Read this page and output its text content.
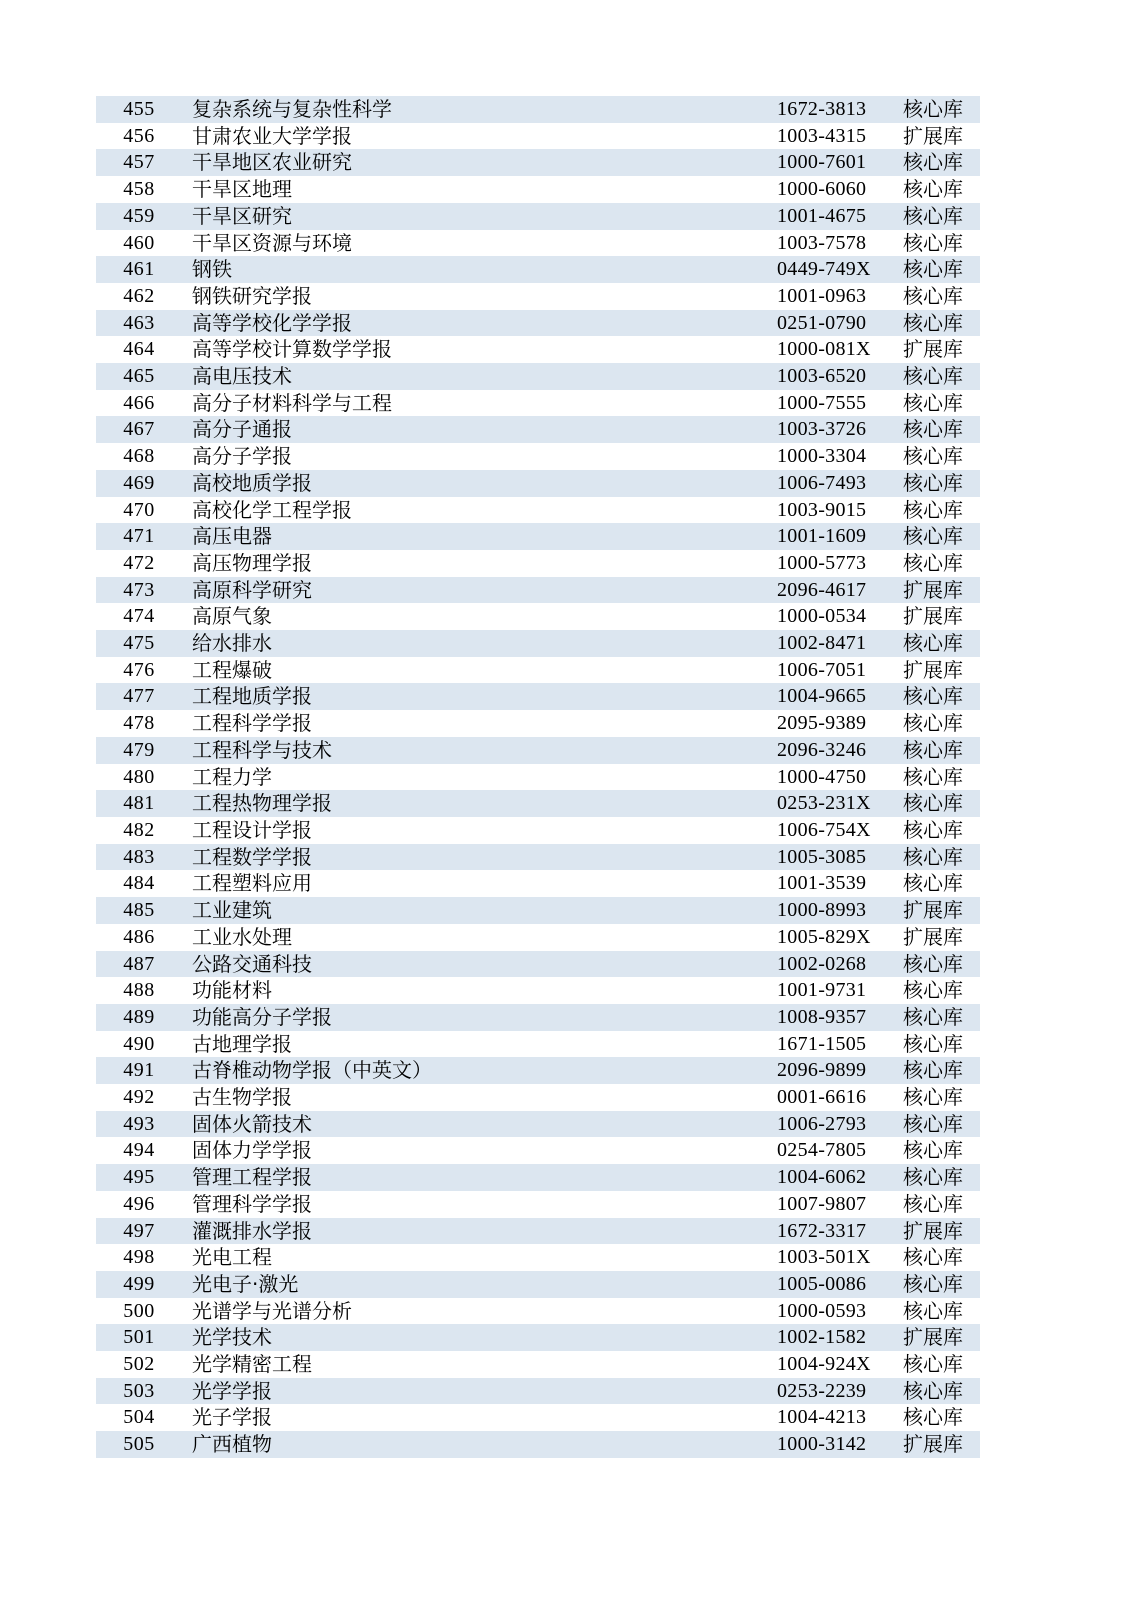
455	复杂系统与复杂性科学	1672-3813	核心库
456	甘肃农业大学学报	1003-4315	扩展库
457	干旱地区农业研究	1000-7601	核心库
458	干旱区地理	1000-6060	核心库
459	干旱区研究	1001-4675	核心库
460	干旱区资源与环境	1003-7578	核心库
461	钢铁	0449-749X	核心库
462	钢铁研究学报	1001-0963	核心库
463	高等学校化学学报	0251-0790	核心库
464	高等学校计算数学学报	1000-081X	扩展库
465	高电压技术	1003-6520	核心库
466	高分子材料科学与工程	1000-7555	核心库
467	高分子通报	1003-3726	核心库
468	高分子学报	1000-3304	核心库
469	高校地质学报	1006-7493	核心库
470	高校化学工程学报	1003-9015	核心库
471	高压电器	1001-1609	核心库
472	高压物理学报	1000-5773	核心库
473	高原科学研究	2096-4617	扩展库
474	高原气象	1000-0534	扩展库
475	给水排水	1002-8471	核心库
476	工程爆破	1006-7051	扩展库
477	工程地质学报	1004-9665	核心库
478	工程科学学报	2095-9389	核心库
479	工程科学与技术	2096-3246	核心库
480	工程力学	1000-4750	核心库
481	工程热物理学报	0253-231X	核心库
482	工程设计学报	1006-754X	核心库
483	工程数学学报	1005-3085	核心库
484	工程塑料应用	1001-3539	核心库
485	工业建筑	1000-8993	扩展库
486	工业水处理	1005-829X	扩展库
487	公路交通科技	1002-0268	核心库
488	功能材料	1001-9731	核心库
489	功能高分子学报	1008-9357	核心库
490	古地理学报	1671-1505	核心库
491	古脊椎动物学报（中英文）	2096-9899	核心库
492	古生物学报	0001-6616	核心库
493	固体火箭技术	1006-2793	核心库
494	固体力学学报	0254-7805	核心库
495	管理工程学报	1004-6062	核心库
496	管理科学学报	1007-9807	核心库
497	灌溉排水学报	1672-3317	扩展库
498	光电工程	1003-501X	核心库
499	光电子·激光	1005-0086	核心库
500	光谱学与光谱分析	1000-0593	核心库
501	光学技术	1002-1582	扩展库
502	光学精密工程	1004-924X	核心库
503	光学学报	0253-2239	核心库
504	光子学报	1004-4213	核心库
505	广西植物	1000-3142	扩展库
